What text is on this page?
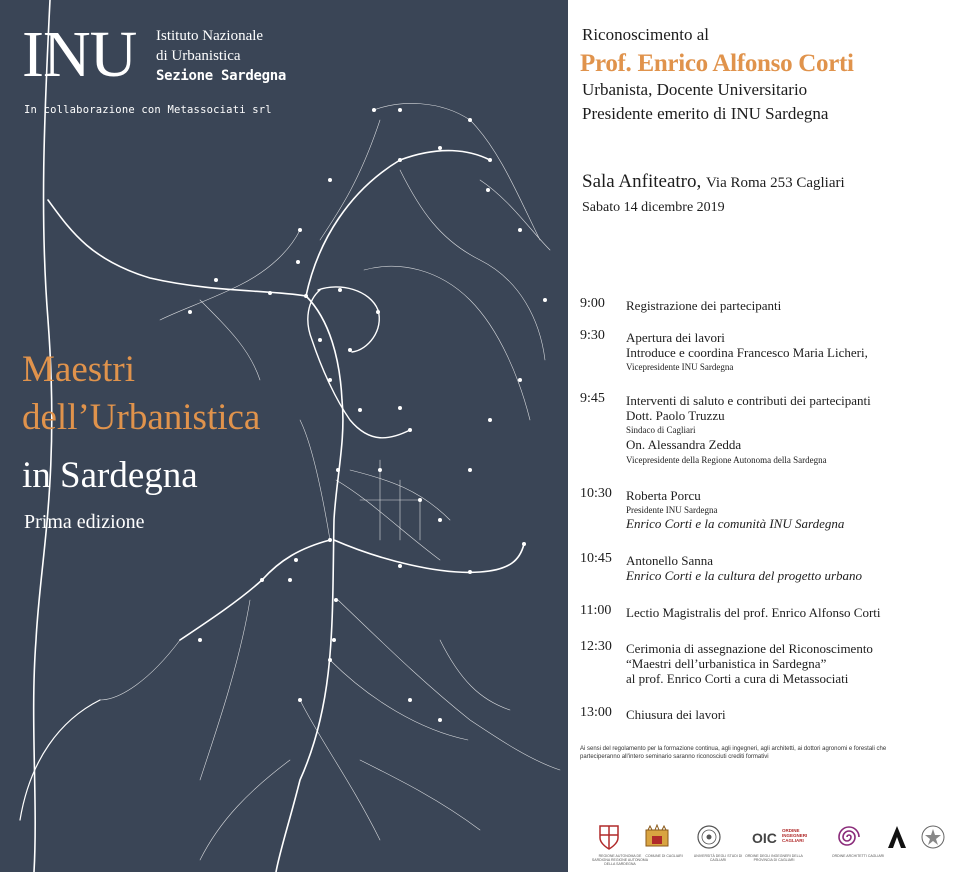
INU Istituto Nazionale
di Urbanistica
Sezione Sardegna
In collaborazione con Metassociati srl
Maestri
dell’Urbanistica
in Sardegna
Prima edizione
Riconoscimento al
Prof. Enrico Alfonso Corti
Urbanista, Docente Universitario
Presidente emerito di INU Sardegna
Sala Anfiteatro, Via Roma 253 Cagliari
Sabato 14 dicembre 2019
9:00 Registrazione dei partecipanti
9:30 Apertura dei lavori
Introduce e coordina Francesco Maria Licheri,
Vicepresidente INU Sardegna
9:45 Interventi di saluto e contributi dei partecipanti
Dott. Paolo Truzzu
Sindaco di Cagliari
On. Alessandra Zedda
Vicepresidente della Regione Autonoma della Sardegna
10:30 Roberta Porcu
Presidente INU Sardegna
Enrico Corti e la comunità INU Sardegna
10:45 Antonello Sanna
Enrico Corti e la cultura del progetto urbano
11:00 Lectio Magistralis del prof. Enrico Alfonso Corti
12:30 Cerimonia di assegnazione del Riconoscimento
“Maestri dell’urbanistica in Sardegna”
al prof. Enrico Corti a cura di Metassociati
13:00 Chiusura dei lavori
Ai sensi del regolamento per la formazione continua, agli ingegneri, agli architetti, ai dottori agronomi e forestali che parteciperanno all'intero seminario saranno riconosciuti crediti formativi
REGIONE AUTONOMA DE SARDIGNA REGIONE AUTONOMA DELLA SARDEGNA
COMUNE DI CAGLIARI	UNIVERSITÀ DEGLI STUDI DI CAGLIARI
OIC ORDINE INGEGNERI CAGLIARI
ORDINE DEGLI INGEGNERI DELLA PROVINCIA DI CAGLIARI
ORDINE ARCHITETTI CAGLIARI
